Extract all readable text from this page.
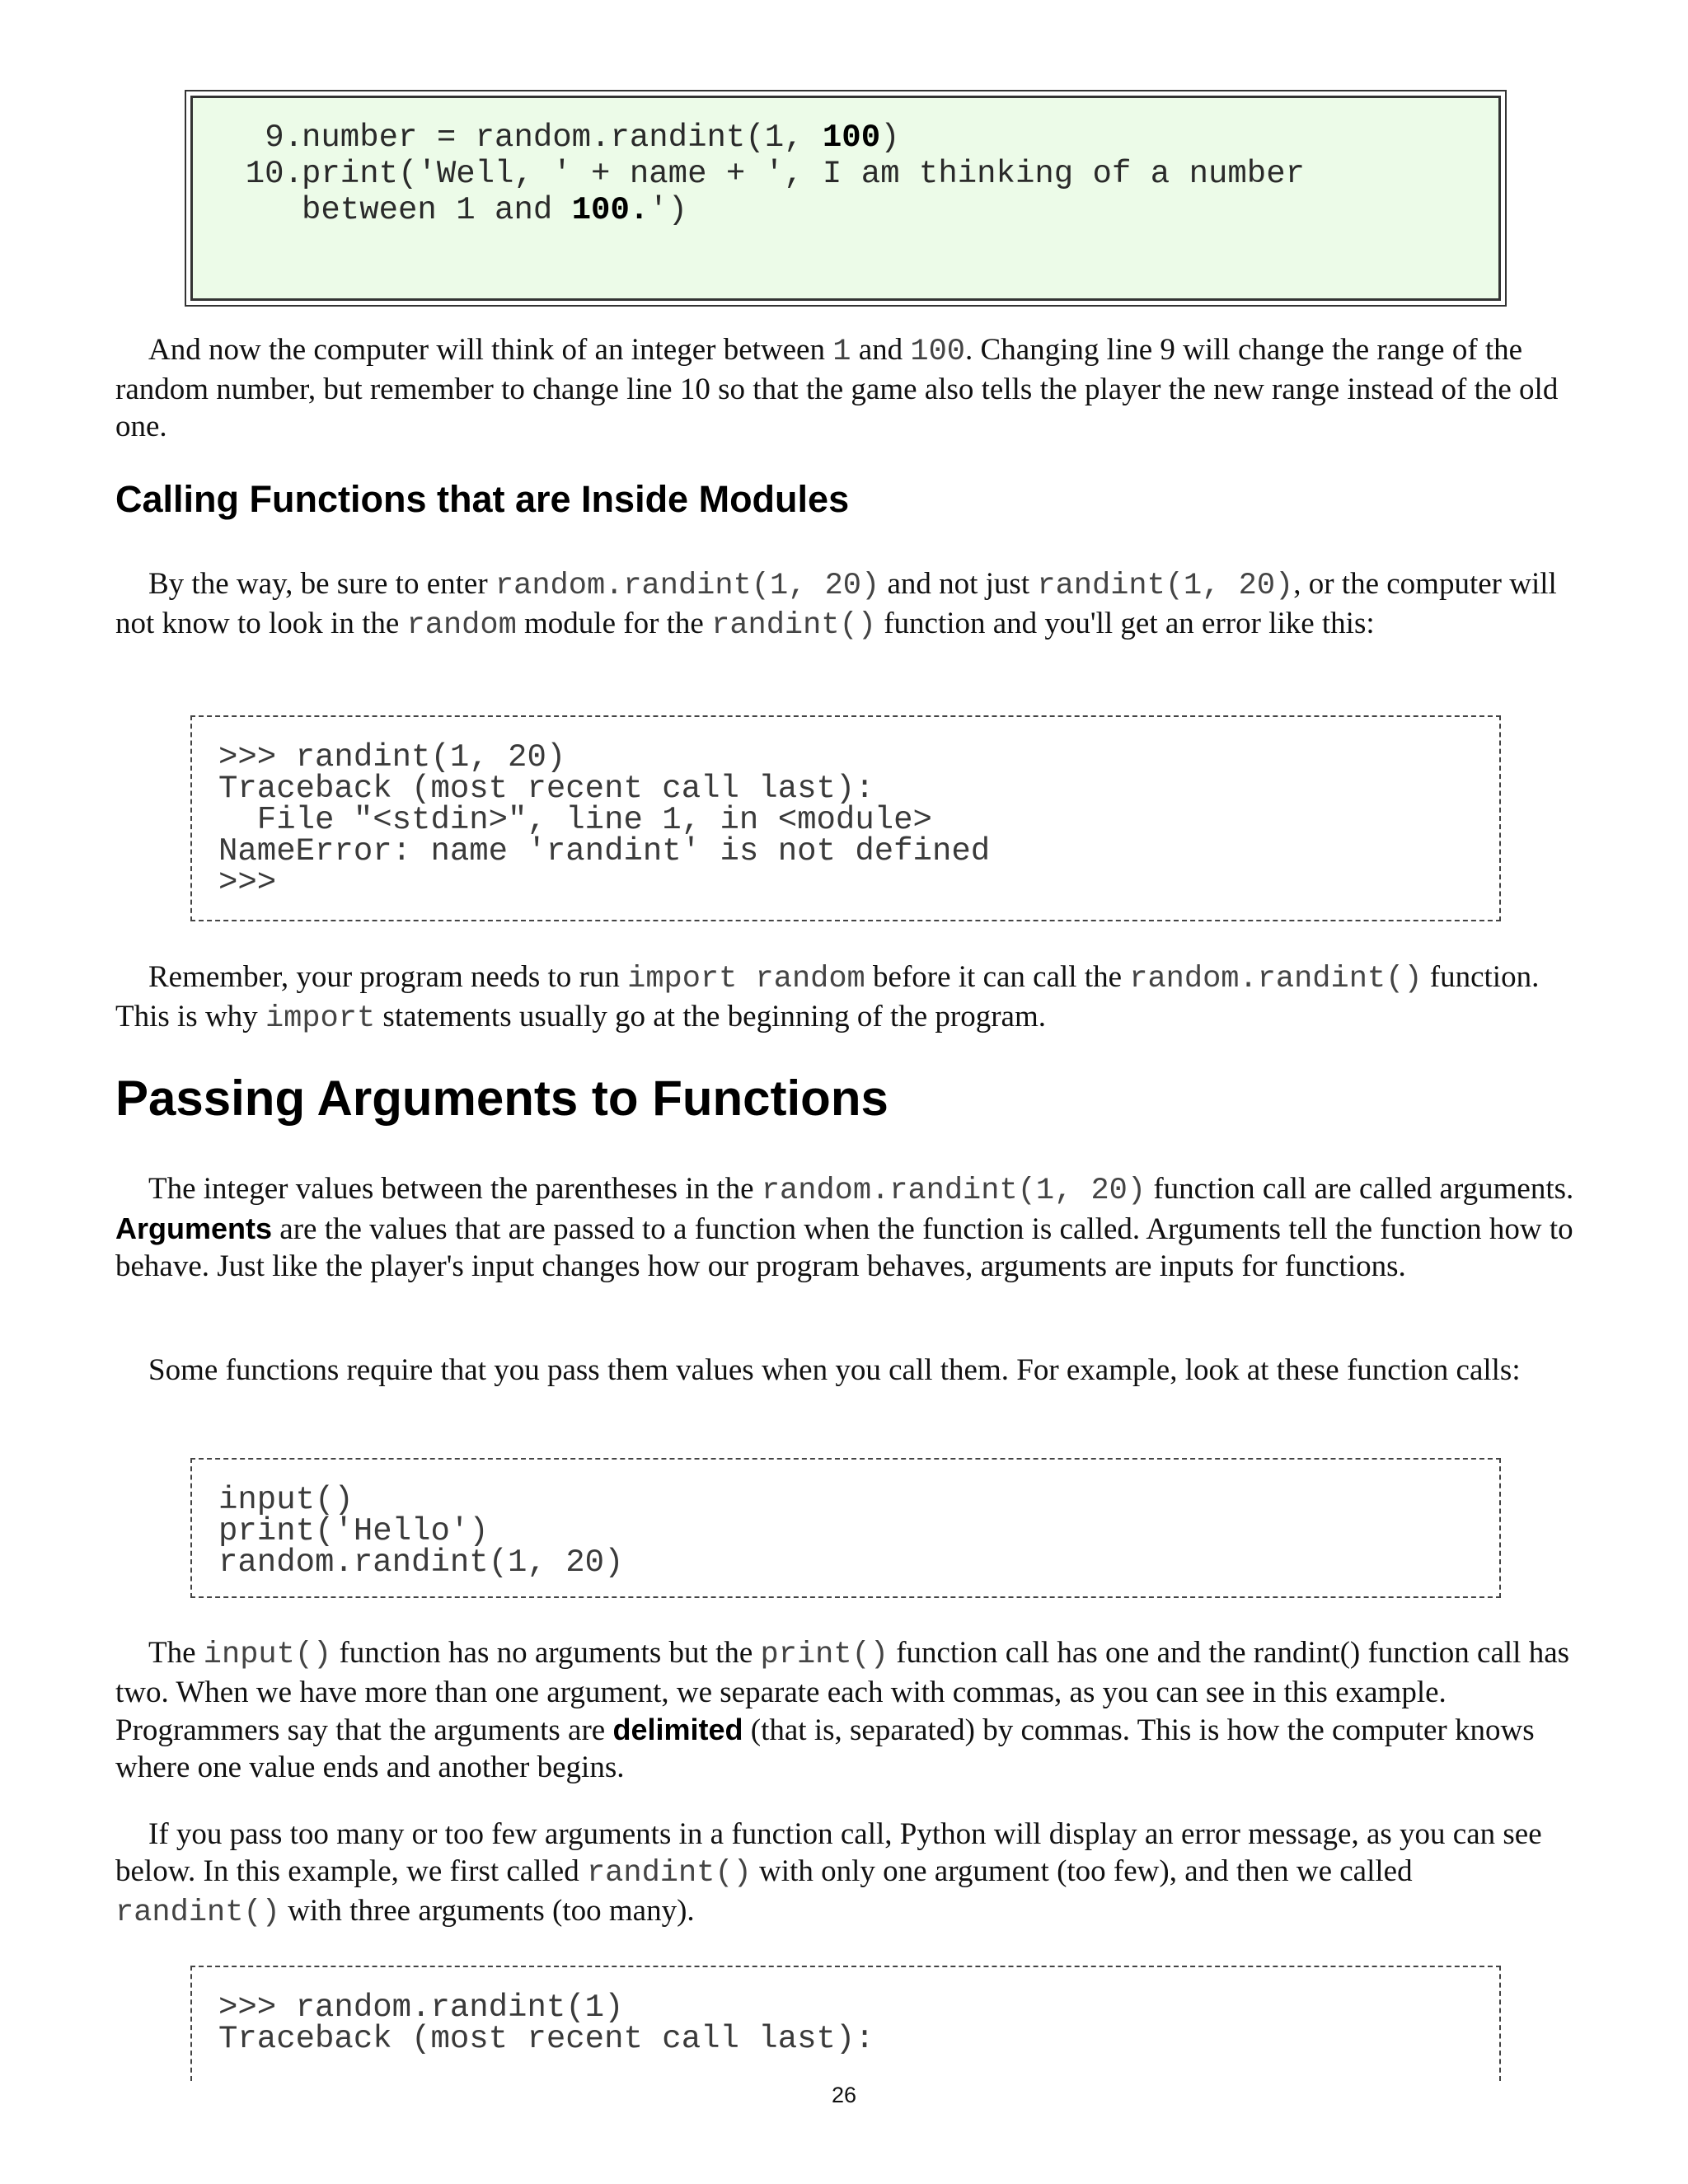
9.
number = random.randint(1, 100)
10.
print('Well, ' + name + ', I am thinking of a number
between 1 and 100.')

And now the computer will think of an integer between 1 and 100. Changing line 9 will change the range of the random number, but remember to change line 10 so that the game also tells the player the new range instead of the old one.

Calling Functions that are Inside Modules

By the way, be sure to enter random.randint(1, 20) and not just randint(1, 20), or the computer will not know to look in the random module for the randint() function and you'll get an error like this:

>>> randint(1, 20)
Traceback (most recent call last):
File "<stdin>", line 1, in <module>
NameError: name 'randint' is not defined
>>>

Remember, your program needs to run import random before it can call the random.randint() function. This is why import statements usually go at the beginning of the program.

Passing Arguments to Functions

The integer values between the parentheses in the random.randint(1, 20) function call are called arguments. Arguments are the values that are passed to a function when the function is called. Arguments tell the function how to behave. Just like the player's input changes how our program behaves, arguments are inputs for functions.

Some functions require that you pass them values when you call them. For example, look at these function calls:

input()
print('Hello')
random.randint(1, 20)

The input() function has no arguments but the print() function call has one and the randint() function call has two. When we have more than one argument, we separate each with commas, as you can see in this example. Programmers say that the arguments are delimited (that is, separated) by commas. This is how the computer knows where one value ends and another begins.

If you pass too many or too few arguments in a function call, Python will display an error message, as you can see below. In this example, we first called randint() with only one argument (too few), and then we called randint() with three arguments (too many).

>>> random.randint(1)
Traceback (most recent call last):
26
